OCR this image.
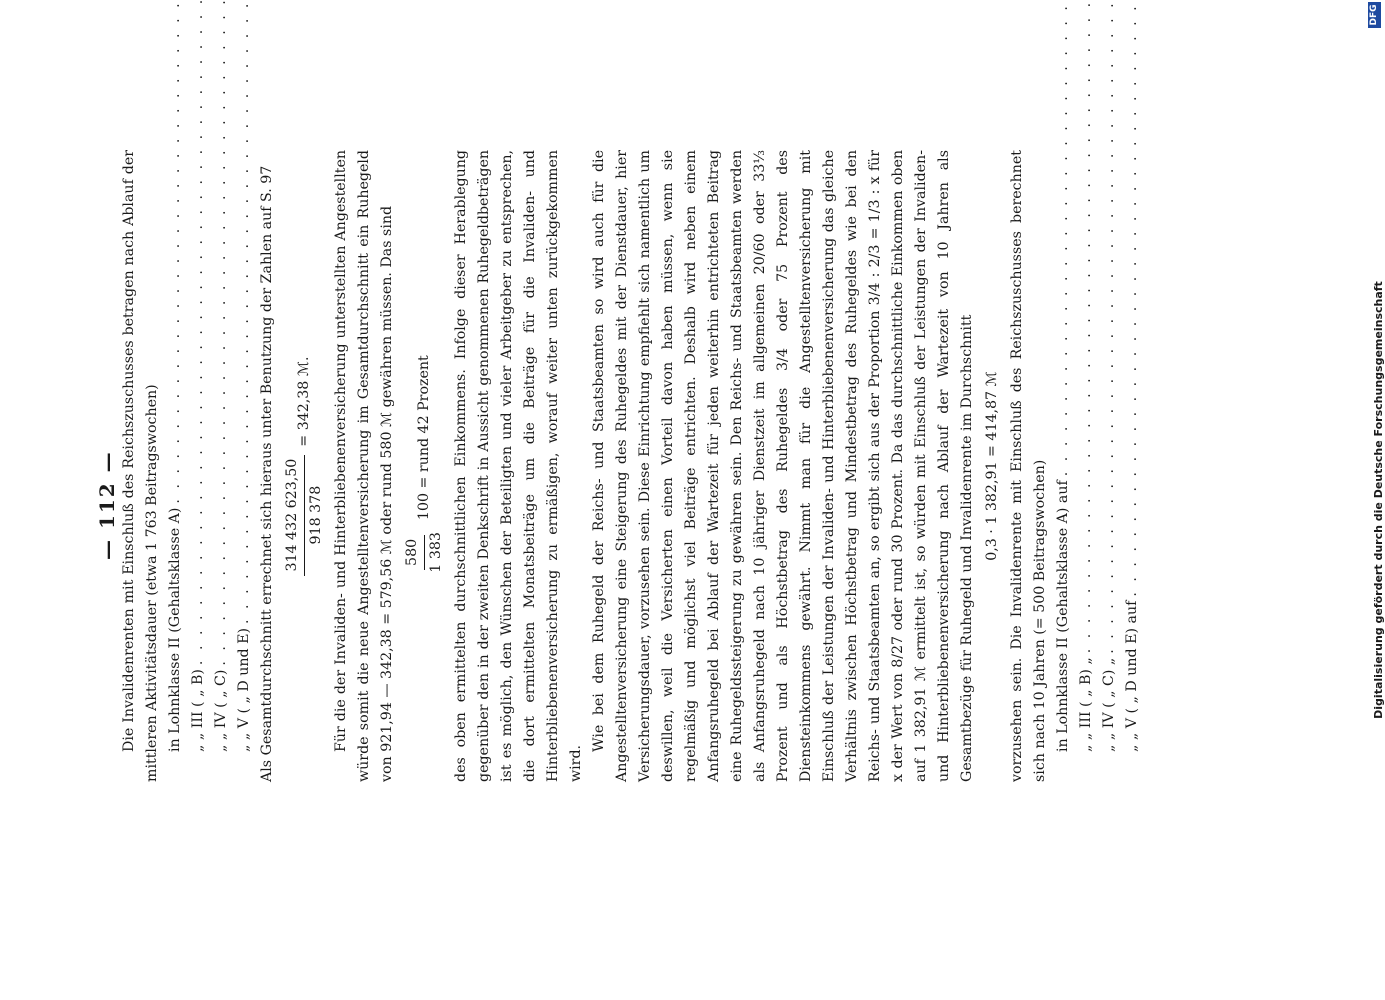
— 112 — Die Invalidenrenten mit Einschluß des Reichszuschusses betragen nach Ablauf der mittleren Aktivitätsdauer (etwa 1 763 Beitragswochen) in Lohnklasse II (Gehaltsklasse A)
. . . „ „ III ( „ B)
. . . „ „ IV ( „ C)
. . . „ „ V ( „ D und E) . . . Als Gesamtdurchschnitt errechnet sich hieraus unter Benutzung der Zahlen auf S. 97 314 432 623,50 918 378
= 342,38 ℳ. Für die der Invaliden- und Hinterbliebenenversicherung unterstellten Angestellten würde somit die neue Angestelltenversicherung im Gesamtdurchschnitt ein Ruhegeld von 921,94 — 342,38 = 579,56 ℳ oder rund 580 ℳ gewähren müssen. Das sind 580 1 383
100 = rund 42 Prozent des oben ermittelten durchschnittlichen Einkommens. Infolge dieser Herablegung gegenüber den in der zweiten Denkschrift in Aussicht genommenen Ruhegeldbeträgen ist es möglich, den Wünschen der Beteiligten und vieler Arbeitgeber zu entsprechen, die dort ermittelten Monatsbeiträge um die Beiträge für die Invaliden- und Hinterbliebenenversicherung zu ermäßigen, worauf weiter unten zurückgekommen wird.

Wie bei dem Ruhegeld der Reichs- und Staatsbeamten so wird auch für die Angestelltenversicherung eine Steigerung des Ruhegeldes mit der Dienstdauer, hier Versicherungsdauer, vorzusehen sein. Diese Einrichtung empfiehlt sich namentlich um deswillen, weil die Versicherten einen Vorteil davon haben müssen, wenn sie regelmäßig und möglichst viel Beiträge entrichten. Deshalb wird neben einem Anfangsruhegeld bei Ablauf der Wartezeit für jeden weiterhin entrichteten Beitrag eine Ruhegeldssteigerung zu gewähren sein. Den Reichs- und Staatsbeamten werden als Anfangsruhegeld nach 10 jähriger Dienstzeit im allgemeinen 20/60 oder 33⅓ Prozent und als Höchstbetrag des Ruhegeldes 3/4 oder 75 Prozent des Diensteinkommens gewährt. Nimmt man für die Angestelltenversicherung mit Einschluß der Leistungen der Invaliden- und Hinterbliebenenversicherung das gleiche Verhältnis zwischen Höchstbetrag und Mindestbetrag des Ruhegeldes wie bei den Reichs- und Staatsbeamten an, so ergibt sich aus der Proportion 3/4 : 2/3 = 1/3 : x für x der Wert von 8/27 oder rund 30 Prozent. Da das durchschnittliche Einkommen oben auf 1 382,91 ℳ ermittelt ist, so würden mit Einschluß der Leistungen der Invaliden- und Hinterbliebenenversicherung nach Ablauf der Wartezeit von 10 Jahren als Gesamtbezüge für Ruhegeld und Invalidenrente im Durchschnitt 0,3 · 1 382,91 = 414,87 ℳ vorzusehen sein. Die Invalidenrente mit Einschluß des Reichszuschusses berechnet sich nach 10 Jahren (= 500 Beitragswochen) in Lohnklasse II (Gehaltsklasse A) auf
. . . „ „ III ( „ B) „
. . . „ „ IV ( „ C) „
. . . „ „ V ( „ D und E) auf . . .	Digitalisierung gefördert durch die Deutsche Forschungsgemeinschaft
DFG
